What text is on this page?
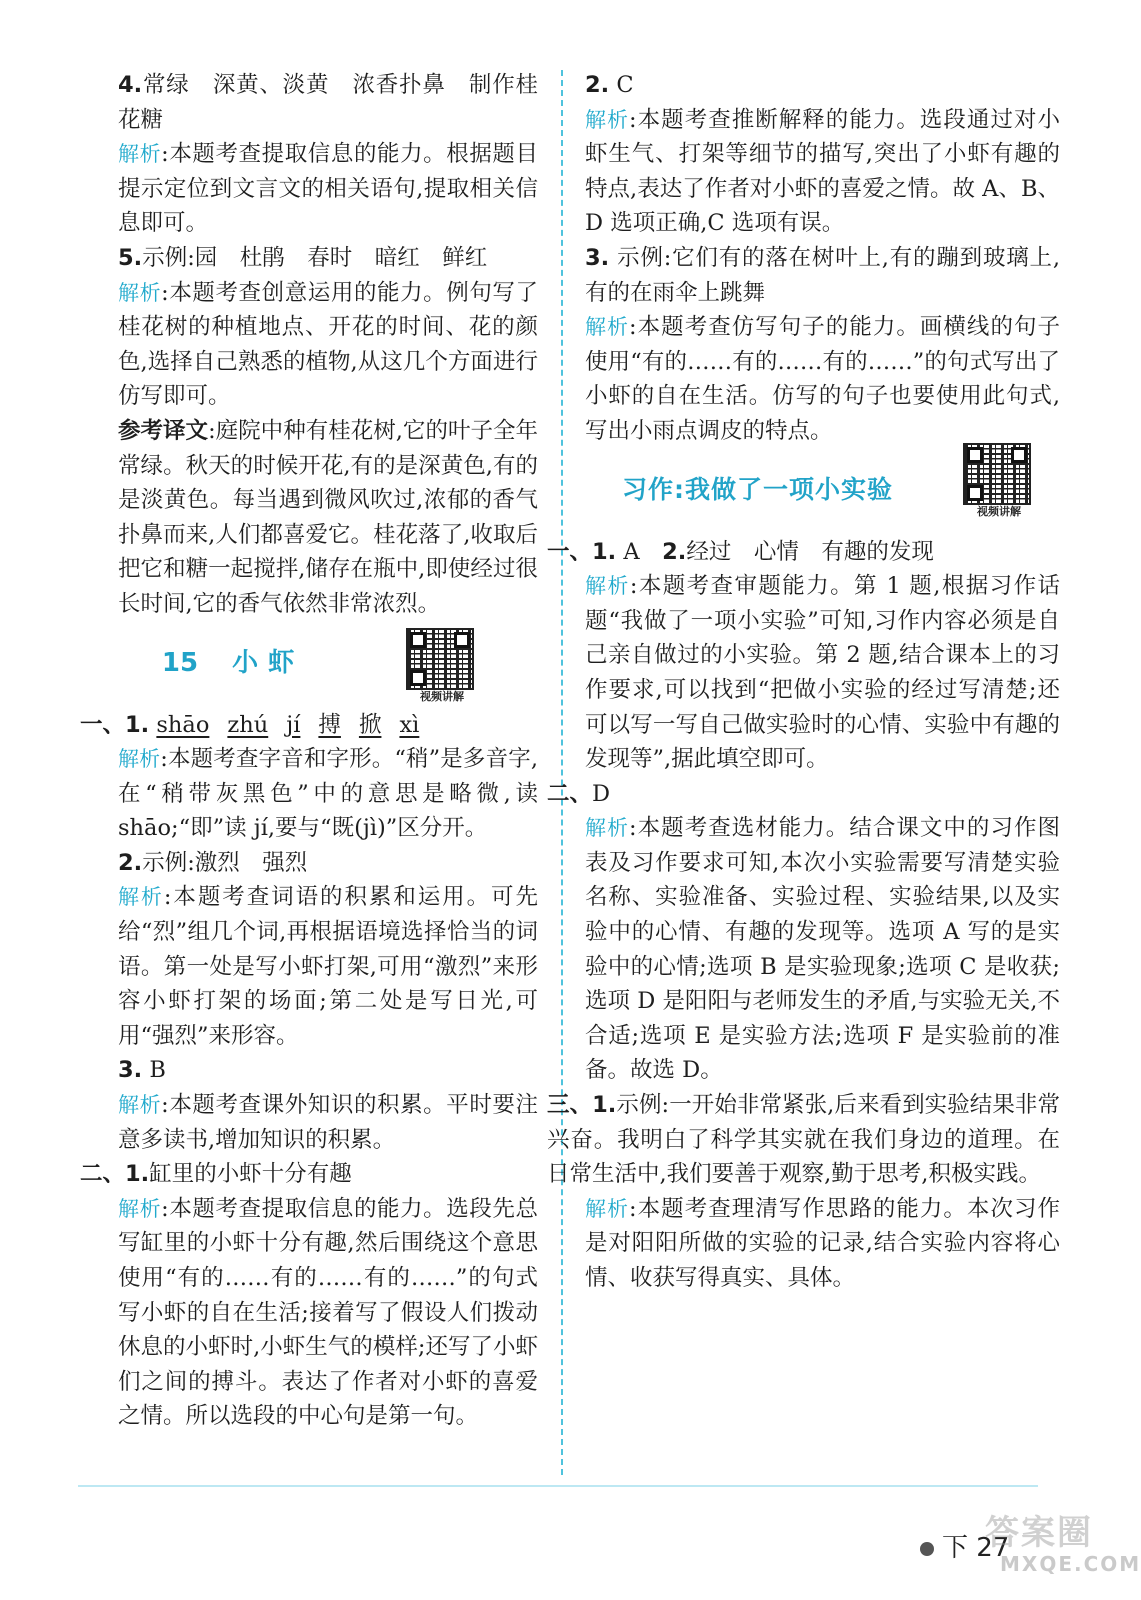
4.常绿　深黄、淡黄　浓香扑鼻　制作桂花糖

解析:本题考查提取信息的能力。根据题目提示定位到文言文的相关语句,提取相关信息即可。

5.示例:园　杜鹃　春时　暗红　鲜红

解析:本题考查创意运用的能力。例句写了桂花树的种植地点、开花的时间、花的颜色,选择自己熟悉的植物,从这几个方面进行仿写即可。

参考译文:庭院中种有桂花树,它的叶子全年常绿。秋天的时候开花,有的是深黄色,有的是淡黄色。每当遇到微风吹过,浓郁的香气扑鼻而来,人们都喜爱它。桂花落了,收取后把它和糖一起搅拌,储存在瓶中,即使经过很长时间,它的香气依然非常浓烈。

15 小虾
视频讲解

一、1. shāo zhú jí 搏 掀 xì

解析:本题考查字音和字形。“稍”是多音字,在“稍带灰黑色”中的意思是略微,读shāo;“即”读 jí,要与“既(jì)”区分开。

2.示例:激烈　强烈

解析:本题考查词语的积累和运用。可先给“烈”组几个词,再根据语境选择恰当的词语。第一处是写小虾打架,可用“激烈”来形容小虾打架的场面;第二处是写日光,可用“强烈”来形容。

3. B

解析:本题考查课外知识的积累。平时要注意多读书,增加知识的积累。

二、1.缸里的小虾十分有趣

解析:本题考查提取信息的能力。选段先总写缸里的小虾十分有趣,然后围绕这个意思使用“有的……有的……有的……”的句式写小虾的自在生活;接着写了假设人们拨动休息的小虾时,小虾生气的模样;还写了小虾们之间的搏斗。表达了作者对小虾的喜爱之情。所以选段的中心句是第一句。

2. C

解析:本题考查推断解释的能力。选段通过对小虾生气、打架等细节的描写,突出了小虾有趣的特点,表达了作者对小虾的喜爱之情。故 A、B、D 选项正确,C 选项有误。

3. 示例:它们有的落在树叶上,有的蹦到玻璃上,有的在雨伞上跳舞

解析:本题考查仿写句子的能力。画横线的句子使用“有的……有的……有的……”的句式写出了小虾的自在生活。仿写的句子也要使用此句式,写出小雨点调皮的特点。

习作:我做了一项小实验
视频讲解

一、1. A　 2.经过　心情　有趣的发现

解析:本题考查审题能力。第 1 题,根据习作话题“我做了一项小实验”可知,习作内容必须是自己亲自做过的小实验。第 2 题,结合课本上的习作要求,可以找到“把做小实验的经过写清楚;还可以写一写自己做实验时的心情、实验中有趣的发现等”,据此填空即可。

二、D

解析:本题考查选材能力。结合课文中的习作图表及习作要求可知,本次小实验需要写清楚实验名称、实验准备、实验过程、实验结果,以及实验中的心情、有趣的发现等。选项 A 写的是实验中的心情;选项 B 是实验现象;选项 C 是收获;选项 D 是阳阳与老师发生的矛盾,与实验无关,不合适;选项 E 是实验方法;选项 F 是实验前的准备。故选 D。

三、1.示例:一开始非常紧张,后来看到实验结果非常兴奋。我明白了科学其实就在我们身边的道理。在日常生活中,我们要善于观察,勤于思考,积极实践。

解析:本题考查理清写作思路的能力。本次习作是对阳阳所做的实验的记录,结合实验内容将心情、收获写得真实、具体。

下 27
答案圈
MXQE.COM
